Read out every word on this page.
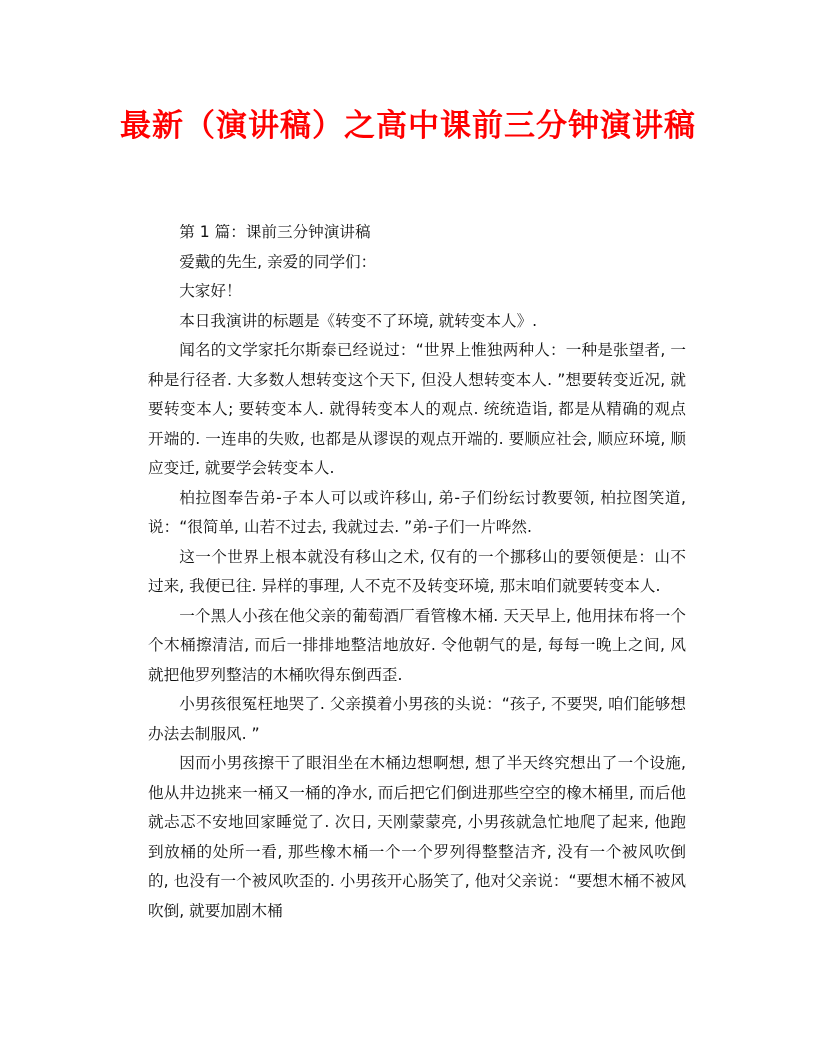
最新（演讲稿）之高中课前三分钟演讲稿

第 1 篇：课前三分钟演讲稿

爱戴的先生, 亲爱的同学们：

大家好！

本日我演讲的标题是《转变不了环境, 就转变本人》.

闻名的文学家托尔斯泰已经说过：“世界上惟独两种人：一种是张望者, 一种是行径者. 大多数人想转变这个天下, 但没人想转变本人. ”想要转变近况, 就要转变本人; 要转变本人. 就得转变本人的观点. 统统造诣, 都是从精确的观点开端的. 一连串的失败, 也都是从谬误的观点开端的. 要顺应社会, 顺应环境, 顺应变迁, 就要学会转变本人.

柏拉图奉告弟-子本人可以或许移山, 弟-子们纷纭讨教要领, 柏拉图笑道, 说：“很简单, 山若不过去, 我就过去. ”弟-子们一片哗然.

这一个世界上根本就没有移山之术, 仅有的一个挪移山的要领便是：山不过来, 我便已往. 异样的事理, 人不克不及转变环境, 那末咱们就要转变本人.

一个黑人小孩在他父亲的葡萄酒厂看管橡木桶. 天天早上, 他用抹布将一个个木桶擦清洁, 而后一排排地整洁地放好. 令他朝气的是, 每每一晚上之间, 风就把他罗列整洁的木桶吹得东倒西歪.

小男孩很冤枉地哭了. 父亲摸着小男孩的头说：“孩子, 不要哭, 咱们能够想办法去制服风. ”

因而小男孩擦干了眼泪坐在木桶边想啊想, 想了半天终究想出了一个设施, 他从井边挑来一桶又一桶的净水, 而后把它们倒进那些空空的橡木桶里, 而后他就忐忑不安地回家睡觉了. 次日, 天刚蒙蒙亮, 小男孩就急忙地爬了起来, 他跑到放桶的处所一看, 那些橡木桶一个一个罗列得整整洁齐, 没有一个被风吹倒的, 也没有一个被风吹歪的. 小男孩开心肠笑了, 他对父亲说：“要想木桶不被风吹倒, 就要加剧木桶
